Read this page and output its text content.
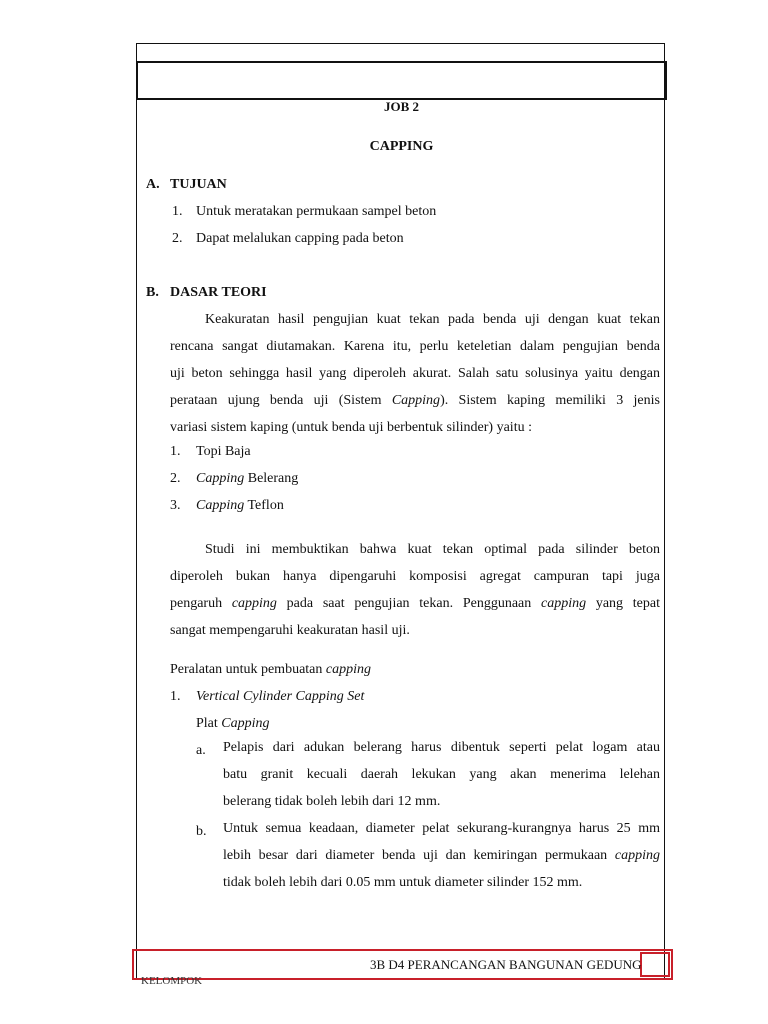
JOB 2
CAPPING
A. TUJUAN
1. Untuk meratakan permukaan sampel beton
2. Dapat melalukan capping pada beton
B. DASAR TEORI
Keakuratan hasil pengujian kuat tekan pada benda uji dengan kuat tekan
rencana sangat diutamakan. Karena itu, perlu keteletian dalam pengujian benda
uji beton sehingga hasil yang diperoleh akurat. Salah satu solusinya yaitu dengan
perataan ujung benda uji (Sistem Capping). Sistem kaping memiliki 3 jenis
variasi sistem kaping (untuk benda uji berbentuk silinder) yaitu :
1. Topi Baja
2. Capping Belerang
3. Capping Teflon
Studi ini membuktikan bahwa kuat tekan optimal pada silinder beton
diperoleh bukan hanya dipengaruhi komposisi agregat campuran tapi juga
pengaruh capping pada saat pengujian tekan. Penggunaan capping yang tepat
sangat mempengaruhi keakuratan hasil uji.
Peralatan untuk pembuatan capping
1. Vertical Cylinder Capping Set
Plat Capping
a. Pelapis dari adukan belerang harus dibentuk seperti pelat logam atau
batu granit kecuali daerah lekukan yang akan menerima lelehan
belerang tidak boleh lebih dari 12 mm.
b. Untuk semua keadaan, diameter pelat sekurang-kurangnya harus 25 mm
lebih besar dari diameter benda uji dan kemiringan permukaan capping
tidak boleh lebih dari 0.05 mm untuk diameter silinder 152 mm.
3B D4 PERANCANGAN BANGUNAN GEDUNG
KELOMPOK
